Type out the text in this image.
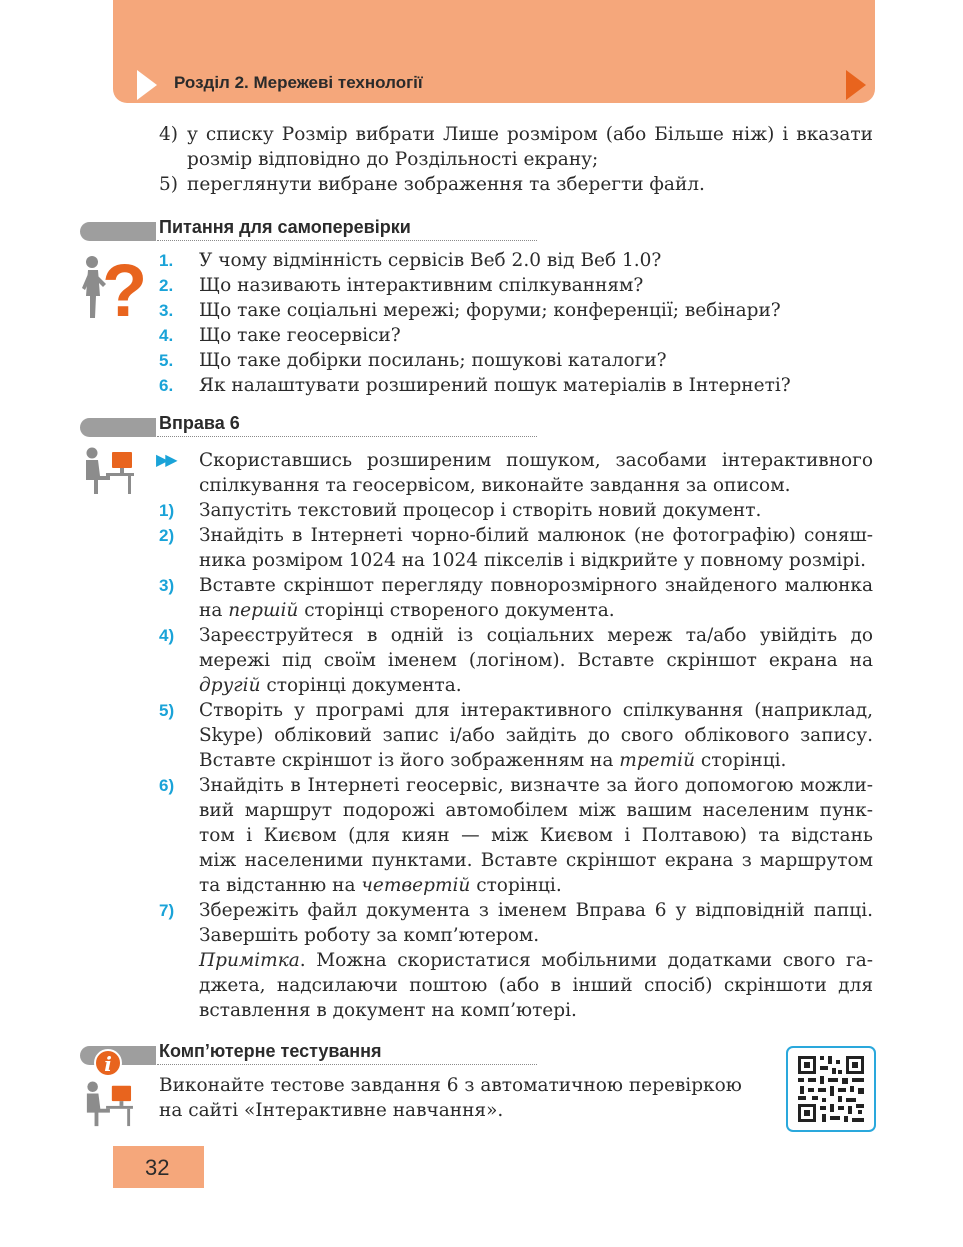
Розділ 2. Мережеві технології
4) у списку Розмір вибрати Лише розміром (або Більше ніж) і вказати
розмір відповідно до Роздільності екрану;
5) переглянути вибране зображення та зберегти файл.
Питання для самоперевірки
? 1. У чому відмінність сервісів Веб 2.0 від Веб 1.0?
2. Що називають інтерактивним спілкуванням?
3. Що таке соціальні мережі; форуми; конференції; вебінари?
4. Що таке геосервіси?
5. Що таке добірки посилань; пошукові каталоги?
6. Як налаштувати розширений пошук матеріалів в Інтернеті?
Вправа 6
▶▶ Скориставшись розширеним пошуком, засобами інтерактивного
спілкування та геосервісом, виконайте завдання за описом.
1) Запустіть текстовий процесор і створіть новий документ.
2) Знайдіть в Інтернеті чорно-білий малюнок (не фотографію) соняш-
ника розміром 1024 на 1024 пікселів і відкрийте у повному розмірі.
3) Вставте скріншот перегляду повнорозмірного знайденого малюнка
на першій сторінці створеного документа.
4) Зареєструйтеся в одній із соціальних мереж та/або увійдіть до
мережі під своїм іменем (логіном). Вставте скріншот екрана на
другій сторінці документа.
5) Створіть у програмі для інтерактивного спілкування (наприклад,
Skype) обліковий запис і/або зайдіть до свого облікового запису.
Вставте скріншот із його зображенням на третій сторінці.
6) Знайдіть в Інтернеті геосервіс, визначте за його допомогою можли-
вий маршрут подорожі автомобілем між вашим населеним пунк-
том і Києвом (для киян — між Києвом і Полтавою) та відстань
між населеними пунктами. Вставте скріншот екрана з маршрутом
та відстанню на четвертій сторінці.
7) Збережіть файл документа з іменем Вправа 6 у відповідній папці.
Завершіть роботу за комп’ютером.
Примітка. Можна скористатися мобільними додатками свого га-
джета, надсилаючи поштою (або в інший спосіб) скріншоти для
вставлення в документ на комп’ютері.
Комп’ютерне тестування
i
Виконайте тестове завдання 6 з автоматичною перевіркою
на сайті «Інтерактивне навчання».
32
